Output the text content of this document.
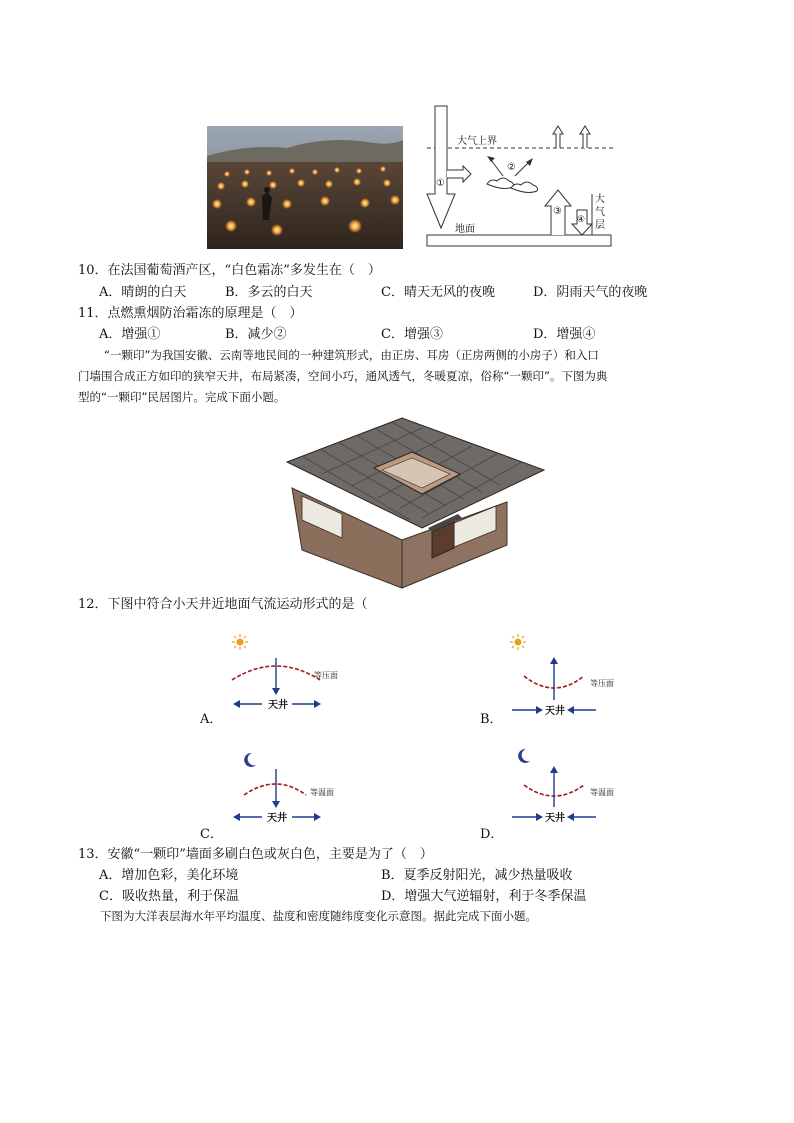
大气上界
地面
大
气
层
①
②
③
④
10．在法国葡萄酒产区，“白色霜冻”多发生在（　）
A．晴朗的白天	B．多云的白天	C．晴天无风的夜晚	D．阴雨天气的夜晚
11．点燃熏烟防治霜冻的原理是（　）
A．增强①	B．减少②	C．增强③	D．增强④
“一颗印”为我国安徽、云南等地民间的一种建筑形式，由正房、耳房（正房两侧的小房子）和入口
门墙围合成正方如印的狭窄天井，布局紧凑，空间小巧，通风透气，冬暖夏凉，俗称“一颗印”。下图为典
型的“一颗印”民居图片。完成下面小题。
12．下图中符合小天井近地面气流运动形式的是（
天井
等压面
A．
天井
等压面
B．
天井
等温面
C．
天井
等温面
D．
13．安徽“一颗印”墙面多刷白色或灰白色，主要是为了（　）
A．增加色彩，美化环境	B．夏季反射阳光，减少热量吸收
C．吸收热量，利于保温	D．增强大气逆辐射，利于冬季保温
下图为大洋表层海水年平均温度、盐度和密度随纬度变化示意图。据此完成下面小题。
